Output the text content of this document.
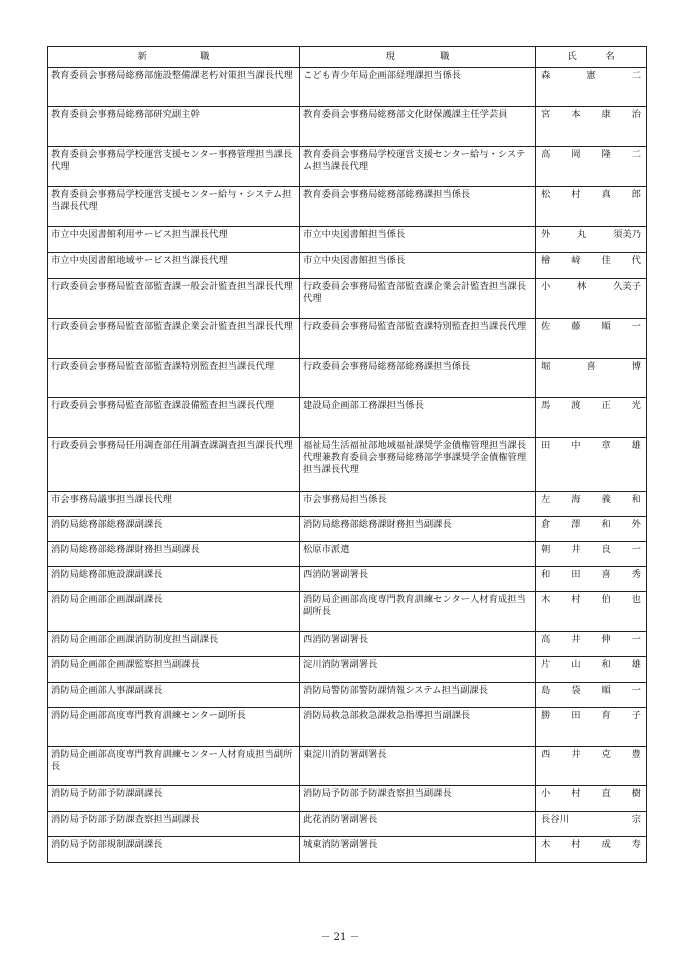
新 職	現 職	氏 名

教育委員会事務局総務部施設整備課老朽対策担当課長代理	こども青少年局企画部経理課担当係長	森 憲 二

教育委員会事務局総務部研究副主幹	教育委員会事務局総務部文化財保護課主任学芸員	宮 本 康 治

教育委員会事務局学校運営支援センター事務管理担当課長代理	教育委員会事務局学校運営支援センター給与・システム担当課長代理	高 岡 隆 二

教育委員会事務局学校運営支援センター給与・システム担当課長代理	教育委員会事務局総務部総務課担当係長	松 村 真 郎

市立中央図書館利用サービス担当課長代理	市立中央図書館担当係長	外 丸 須美乃

市立中央図書館地域サービス担当課長代理	市立中央図書館担当係長	檜 﨑 佳 代

行政委員会事務局監査部監査課一般会計監査担当課長代理	行政委員会事務局監査部監査課企業会計監査担当課長代理	小 林 久美子

行政委員会事務局監査部監査課企業会計監査担当課長代理	行政委員会事務局監査部監査課特別監査担当課長代理	佐 藤 順 一

行政委員会事務局監査部監査課特別監査担当課長代理	行政委員会事務局総務部総務課担当係長	堀 喜 博

行政委員会事務局監査部監査課設備監査担当課長代理	建設局企画部工務課担当係長	馬 渡 正 光

行政委員会事務局任用調査部任用調査課調査担当課長代理	福祉局生活福祉部地域福祉課奨学金債権管理担当課長代理兼教育委員会事務局総務部学事課奨学金債権管理担当課長代理	田 中 章 雄

市会事務局議事担当課長代理	市会事務局担当係長	左 海 義 和

消防局総務部総務課副課長	消防局総務部総務課財務担当副課長	倉 澤 和 外

消防局総務部総務課財務担当副課長	松原市派遣	朝 井 良 一

消防局総務部施設課副課長	西消防署副署長	和 田 喜 秀

消防局企画部企画課副課長	消防局企画部高度専門教育訓練センター人材育成担当副所長	木 村 伯 也

消防局企画部企画課消防制度担当副課長	西消防署副署長	高 井 伸 一

消防局企画部企画課監察担当副課長	淀川消防署副署長	片 山 和 雄

消防局企画部人事課副課長	消防局警防部警防課情報システム担当副課長	島 袋 順 一

消防局企画部高度専門教育訓練センター副所長	消防局救急部救急課救急指導担当副課長	勝 田 育 子

消防局企画部高度専門教育訓練センター人材育成担当副所長	東淀川消防署副署長	西 井 克 豊

消防局予防部予防課副課長	消防局予防部予防課査察担当副課長	小 村 直 樹

消防局予防部予防課査察担当副課長	此花消防署副署長	長谷川 宗

消防局予防部規制課副課長	城東消防署副署長	木 村 成 寿
－ 21 －
